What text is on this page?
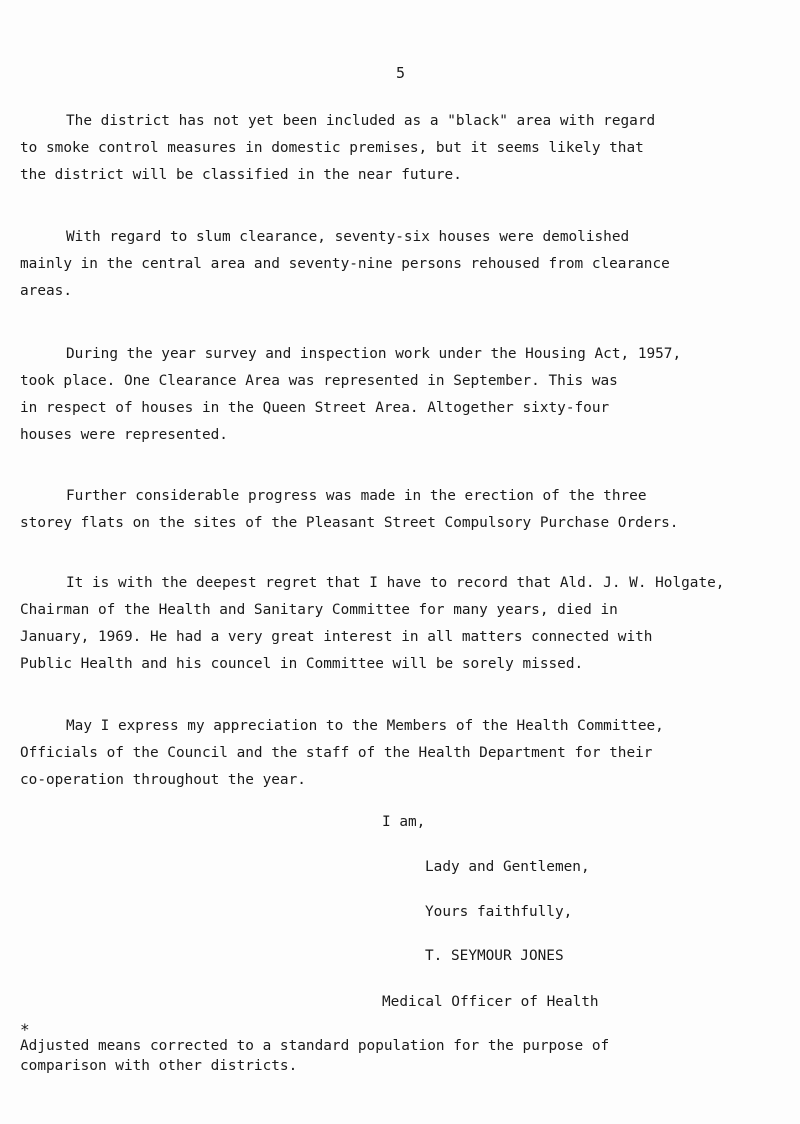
5
The district has not yet been included as a "black" area with regard
to smoke control measures in domestic premises, but it seems likely that
the district will be classified in the near future.
With regard to slum clearance, seventy-six houses were demolished
mainly in the central area and seventy-nine persons rehoused from clearance
areas.
During the year survey and inspection work under the Housing Act, 1957,
took place. One Clearance Area was represented in September. This was
in respect of houses in the Queen Street Area. Altogether sixty-four
houses were represented.
Further considerable progress was made in the erection of the three
storey flats on the sites of the Pleasant Street Compulsory Purchase Orders.
It is with the deepest regret that I have to record that Ald. J. W. Holgate,
Chairman of the Health and Sanitary Committee for many years, died in
January, 1969. He had a very great interest in all matters connected with
Public Health and his councel in Committee will be sorely missed.
May I express my appreciation to the Members of the Health Committee,
Officials of the Council and the staff of the Health Department for their
co-operation throughout the year.
I am,
Lady and Gentlemen,
Yours faithfully,
T. SEYMOUR JONES
Medical Officer of Health
*
Adjusted means corrected to a standard population for the purpose of
comparison with other districts.
